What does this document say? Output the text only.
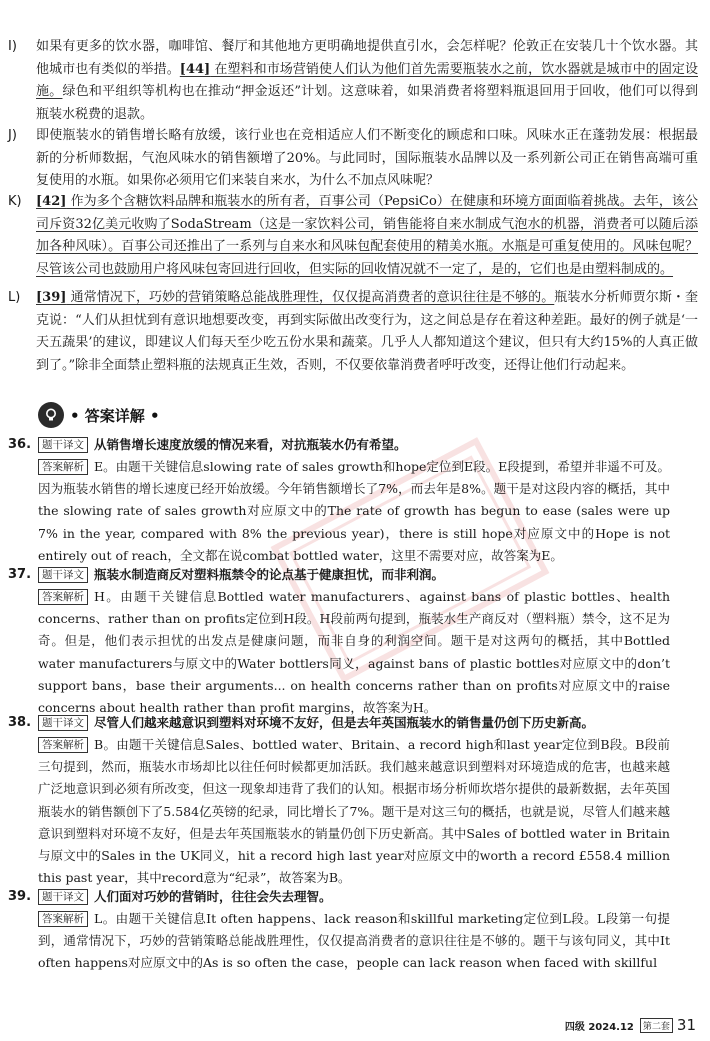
I)	如果有更多的饮水器，咖啡馆、餐厅和其他地方更明确地提供直引水，会怎样呢？伦敦正在安装几十个饮水器。其他城市也有类似的举措。[44] 在塑料和市场营销使人们认为他们首先需要瓶装水之前，饮水器就是城市中的固定设施。绿色和平组织等机构也在推动“押金返还”计划。这意味着，如果消费者将塑料瓶退回用于回收，他们可以得到瓶装水税费的退款。
J)	即使瓶装水的销售增长略有放缓，该行业也在竞相适应人们不断变化的顾虑和口味。风味水正在蓬勃发展：根据最新的分析师数据，气泡风味水的销售额增了20%。与此同时，国际瓶装水品牌以及一系列新公司正在销售高端可重复使用的水瓶。如果你必须用它们来装自来水，为什么不加点风味呢？
K)	[42] 作为多个含糖饮料品牌和瓶装水的所有者，百事公司（PepsiCo）在健康和环境方面面临着挑战。去年，该公司斥资32亿美元收购了SodaStream（这是一家饮料公司，销售能将自来水制成气泡水的机器，消费者可以随后添加各种风味）。百事公司还推出了一系列与自来水和风味包配套使用的精美水瓶。水瓶是可重复使用的。风味包呢？尽管该公司也鼓励用户将风味包寄回进行回收，但实际的回收情况就不一定了，是的，它们也是由塑料制成的。
L)	[39] 通常情况下，巧妙的营销策略总能战胜理性，仅仅提高消费者的意识往往是不够的。瓶装水分析师贾尔斯・奎克说：“人们从担忧到有意识地想要改变，再到实际做出改变行为，这之间总是存在着这种差距。最好的例子就是‘一天五蔬果’的建议，即建议人们每天至少吃五份水果和蔬菜。几乎人人都知道这个建议，但只有大约15%的人真正做到了。”除非全面禁止塑料瓶的法规真正生效，否则，不仅要依靠消费者呼吁改变，还得让他们行动起来。
• 答案详解 •
36.	题干译文 从销售增长速度放缓的情况来看，对抗瓶装水仍有希望。
答案解析 E。由题干关键信息slowing rate of sales growth和hope定位到E段。E段提到，希望并非遥不可及。因为瓶装水销售的增长速度已经开始放缓。今年销售额增长了7%，而去年是8%。题干是对这段内容的概括，其中the slowing rate of sales growth对应原文中的The rate of growth has begun to ease (sales were up 7% in the year, compared with 8% the previous year)，there is still hope对应原文中的Hope is not entirely out of reach，全文都在说combat bottled water，这里不需要对应，故答案为E。
37.	题干译文 瓶装水制造商反对塑料瓶禁令的论点基于健康担忧，而非利润。
答案解析 H。由题干关键信息Bottled water manufacturers、against bans of plastic bottles、health concerns、rather than on profits定位到H段。H段前两句提到，瓶装水生产商反对（塑料瓶）禁令，这不足为奇。但是，他们表示担忧的出发点是健康问题，而非自身的利润空间。题干是对这两句的概括，其中Bottled water manufacturers与原文中的Water bottlers同义，against bans of plastic bottles对应原文中的don’t support bans，base their arguments... on health concerns rather than on profits对应原文中的raise concerns about health rather than profit margins，故答案为H。
38.	题干译文 尽管人们越来越意识到塑料对环境不友好，但是去年英国瓶装水的销售量仍创下历史新高。
答案解析 B。由题干关键信息Sales、bottled water、Britain、a record high和last year定位到B段。B段前三句提到，然而，瓶装水市场却比以往任何时候都更加活跃。我们越来越意识到塑料对环境造成的危害，也越来越广泛地意识到必须有所改变，但这一现象却违背了我们的认知。根据市场分析师坎塔尔提供的最新数据，去年英国瓶装水的销售额创下了5.584亿英镑的纪录，同比增长了7%。题干是对这三句的概括，也就是说，尽管人们越来越意识到塑料对环境不友好，但是去年英国瓶装水的销量仍创下历史新高。其中Sales of bottled water in Britain与原文中的Sales in the UK同义，hit a record high last year对应原文中的worth a record £558.4 million this past year，其中record意为“纪录”，故答案为B。
39.	题干译文 人们面对巧妙的营销时，往往会失去理智。
答案解析 L。由题干关键信息It often happens、lack reason和skillful marketing定位到L段。L段第一句提到，通常情况下，巧妙的营销策略总能战胜理性，仅仅提高消费者的意识往往是不够的。题干与该句同义，其中It often happens对应原文中的As is so often the case，people can lack reason when faced with skillful
四级 2024.12	第二套 31
